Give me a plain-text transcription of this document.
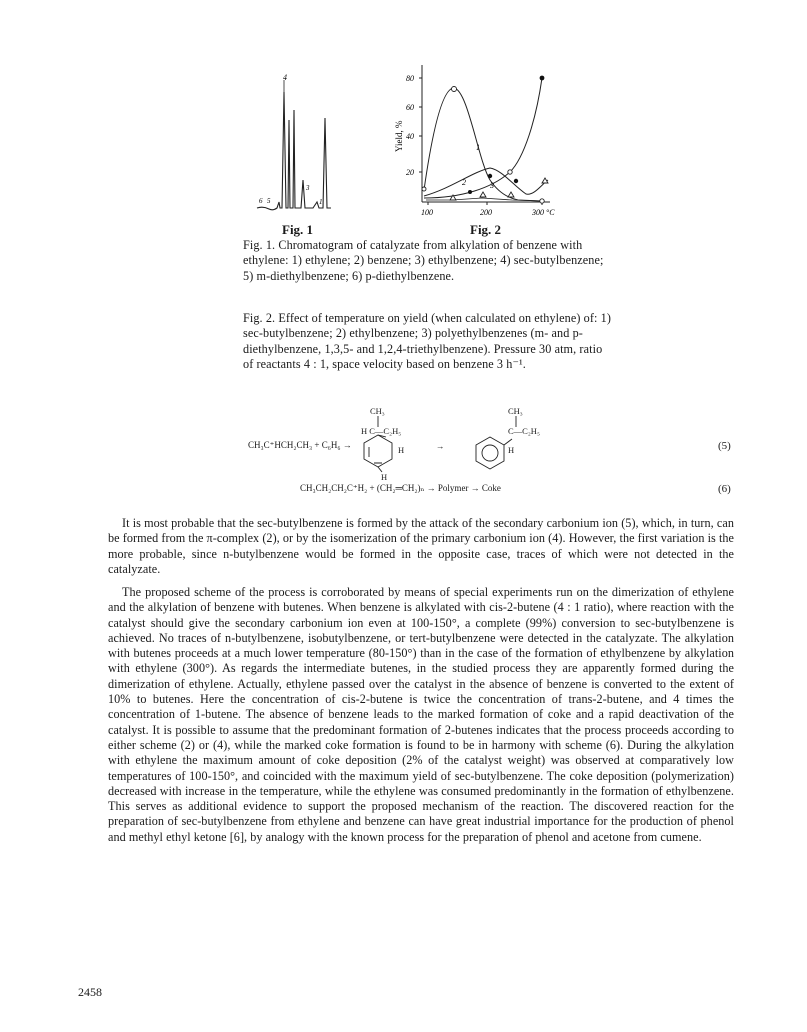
4
6 5
3
1
80
60
40
20
100	200	300 °C
Yield, %	1
2	3
Fig. 1	Fig. 2

Fig. 1. Chromatogram of catalyzate from alkylation of benzene with ethylene: 1) ethylene; 2) benzene; 3) ethylbenzene; 4) sec-butylbenzene; 5) m-diethylbenzene; 6) p-diethylbenzene.

Fig. 2. Effect of temperature on yield (when calculated on ethylene) of: 1) sec-butylbenzene; 2) ethylbenzene; 3) polyethylbenzenes (m- and p-diethylbenzene, 1,3,5- and 1,2,4-triethylbenzene). Pressure 30 atm, ratio of reactants 4 : 1, space velocity based on benzene 3 h⁻¹.

CH₃C⁺HCH₂CH₃ + C₆H₆ →
CH₃
H C—C₂H₅
H
H
→
CH₃
C—C₂H₅
H	(5)
CH₃CH₂CH₂C⁺H₂ + (CH₂═CH₂)ₙ → Polymer → Coke	(6)

It is most probable that the sec-butylbenzene is formed by the attack of the secondary carbonium ion (5), which, in turn, can be formed from the π-complex (2), or by the isomerization of the primary carbonium ion (4). However, the first variation is the more probable, since n-butylbenzene would be formed in the opposite case, traces of which were not detected in the catalyzate.

The proposed scheme of the process is corroborated by means of special experiments run on the dimerization of ethylene and the alkylation of benzene with butenes. When benzene is alkylated with cis-2-butene (4 : 1 ratio), where reaction with the catalyst should give the secondary carbonium ion even at 100-150°, a complete (99%) conversion to sec-butylbenzene is achieved. No traces of n-butylbenzene, isobutylbenzene, or tert-butylbenzene were detected in the catalyzate. The alkylation with butenes proceeds at a much lower temperature (80-150°) than in the case of the formation of ethylbenzene by alkylation with ethylene (300°). As regards the intermediate butenes, in the studied process they are apparently formed during the dimerization of ethylene. Actually, ethylene passed over the catalyst in the absence of benzene is converted to the extent of 10% to butenes. Here the concentration of cis-2-butene is twice the concentration of trans-2-butene, and 4 times the concentration of 1-butene. The absence of benzene leads to the marked formation of coke and a rapid deactivation of the catalyst. It is possible to assume that the predominant formation of 2-butenes indicates that the process proceeds according to either scheme (2) or (4), while the marked coke formation is found to be in harmony with scheme (6). During the alkylation with ethylene the maximum amount of coke deposition (2% of the catalyst weight) was observed at comparatively low temperatures of 100-150°, and coincided with the maximum yield of sec-butylbenzene. The coke deposition (polymerization) decreased with increase in the temperature, while the ethylene was consumed predominantly in the formation of ethylbenzene. This serves as additional evidence to support the proposed mechanism of the reaction. The discovered reaction for the preparation of sec-butylbenzene from ethylene and benzene can have great industrial importance for the production of phenol and methyl ethyl ketone [6], by analogy with the known process for the preparation of phenol and acetone from cumene.

2458
